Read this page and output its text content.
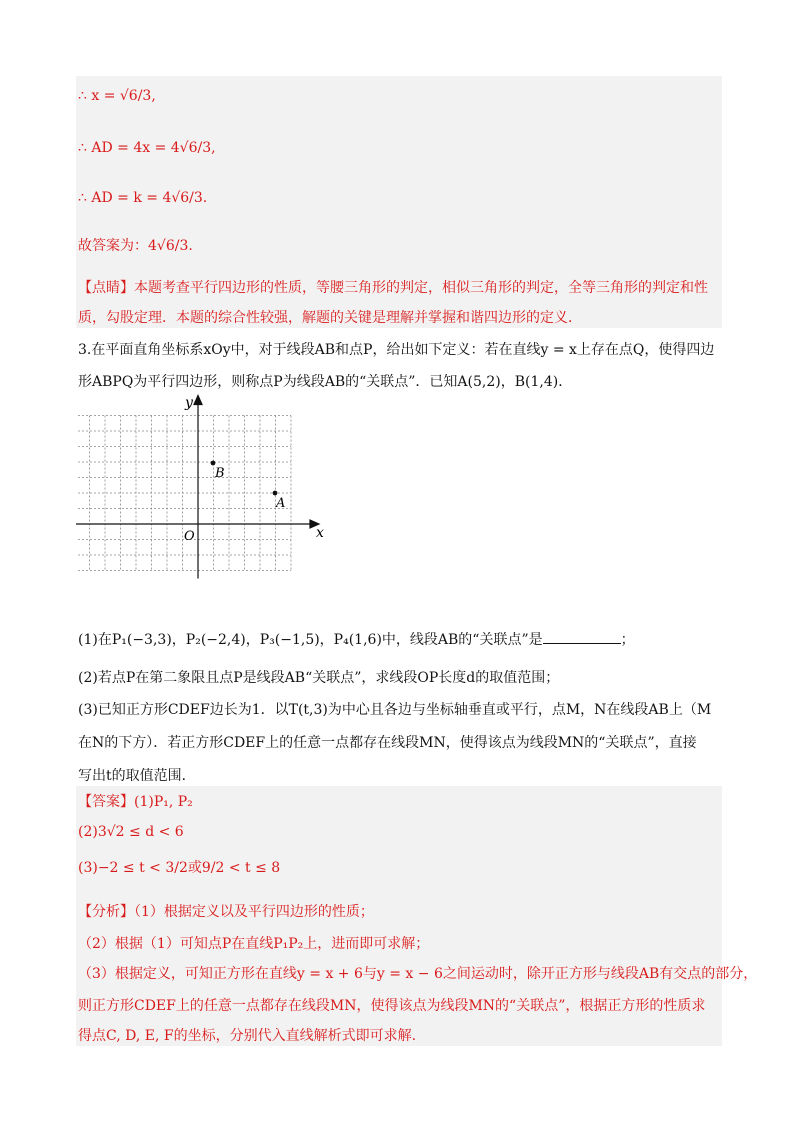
∴ x = √6/3,
∴ AD = 4x = 4√6/3,
∴ AD = k = 4√6/3.
故答案为：4√6/3.
【点睛】本题考查平行四边形的性质，等腰三角形的判定，相似三角形的判定，全等三角形的判定和性
质，勾股定理．本题的综合性较强，解题的关键是理解并掌握和谐四边形的定义．
3.在平面直角坐标系xOy中，对于线段AB和点P，给出如下定义：若在直线y = x上存在点Q，使得四边
形ABPQ为平行四边形，则称点P为线段AB的“关联点”．已知A(5,2)，B(1,4)．
x
y
O
B
A
(1)在P₁(−3,3)，P₂(−2,4)，P₃(−1,5)，P₄(1,6)中，线段AB的“关联点”是	；
(2)若点P在第二象限且点P是线段AB“关联点”，求线段OP长度d的取值范围；
(3)已知正方形CDEF边长为1．以T(t,3)为中心且各边与坐标轴垂直或平行，点M，N在线段AB上（M
在N的下方）．若正方形CDEF上的任意一点都存在线段MN，使得该点为线段MN的“关联点”，直接
写出t的取值范围．
【答案】(1)P₁, P₂
(2)3√2 ≤ d < 6
(3)−2 ≤ t < 3/2或9/2 < t ≤ 8
【分析】（1）根据定义以及平行四边形的性质；
（2）根据（1）可知点P在直线P₁P₂上，进而即可求解；
（3）根据定义，可知正方形在直线y = x + 6与y = x − 6之间运动时，除开正方形与线段AB有交点的部分，
则正方形CDEF上的任意一点都存在线段MN，使得该点为线段MN的“关联点”，根据正方形的性质求
得点C, D, E, F的坐标，分别代入直线解析式即可求解.
